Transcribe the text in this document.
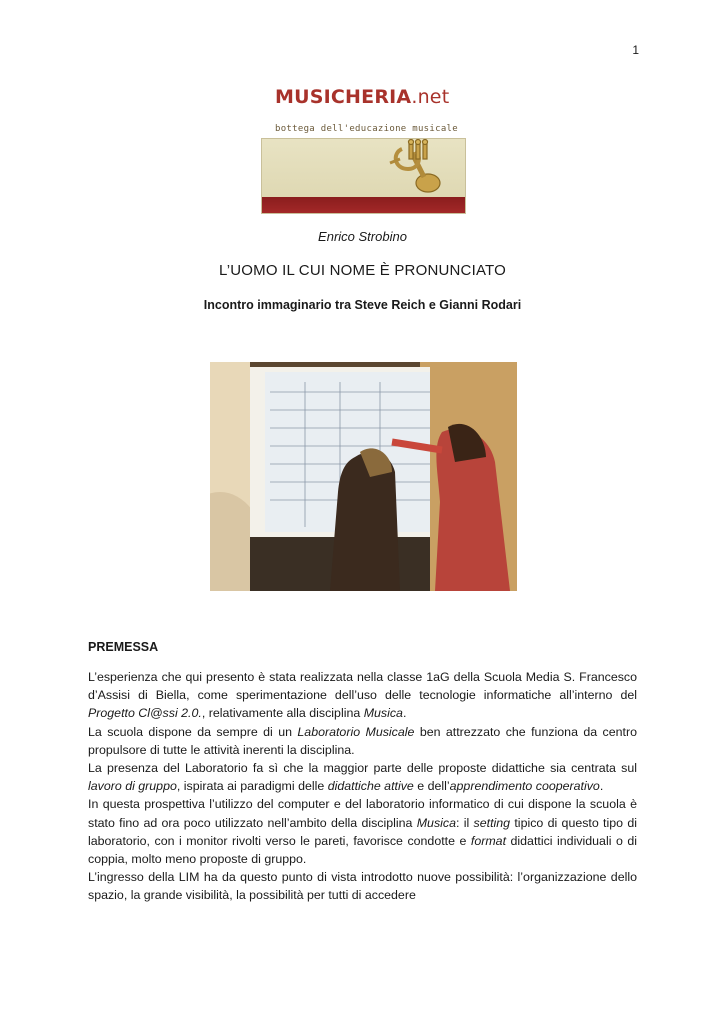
1
MUSICHERIA.net
bottega dell'educazione musicale
Enrico Strobino
L’UOMO IL CUI NOME È PRONUNCIATO
Incontro immaginario tra Steve Reich e Gianni Rodari
PREMESSA

L’esperienza che qui presento è stata realizzata nella classe 1aG della Scuola Media S. Francesco d’Assisi di Biella, come sperimentazione dell’uso delle tecnologie informatiche all’interno del Progetto Cl@ssi 2.0., relativamente alla disciplina Musica.

La scuola dispone da sempre di un Laboratorio Musicale ben attrezzato che funziona da centro propulsore di tutte le attività inerenti la disciplina.

La presenza del Laboratorio fa sì che la maggior parte delle proposte didattiche sia centrata sul lavoro di gruppo, ispirata ai paradigmi delle didattiche attive e dell’apprendimento cooperativo.

In questa prospettiva l’utilizzo del computer e del laboratorio informatico di cui dispone la scuola è stato fino ad ora poco utilizzato nell’ambito della disciplina Musica: il setting tipico di questo tipo di laboratorio, con i monitor rivolti verso le pareti, favorisce condotte e format didattici individuali o di coppia, molto meno proposte di gruppo.

L’ingresso della LIM ha da questo punto di vista introdotto nuove possibilità: l’organizzazione dello spazio, la grande visibilità, la possibilità per tutti di accedere
